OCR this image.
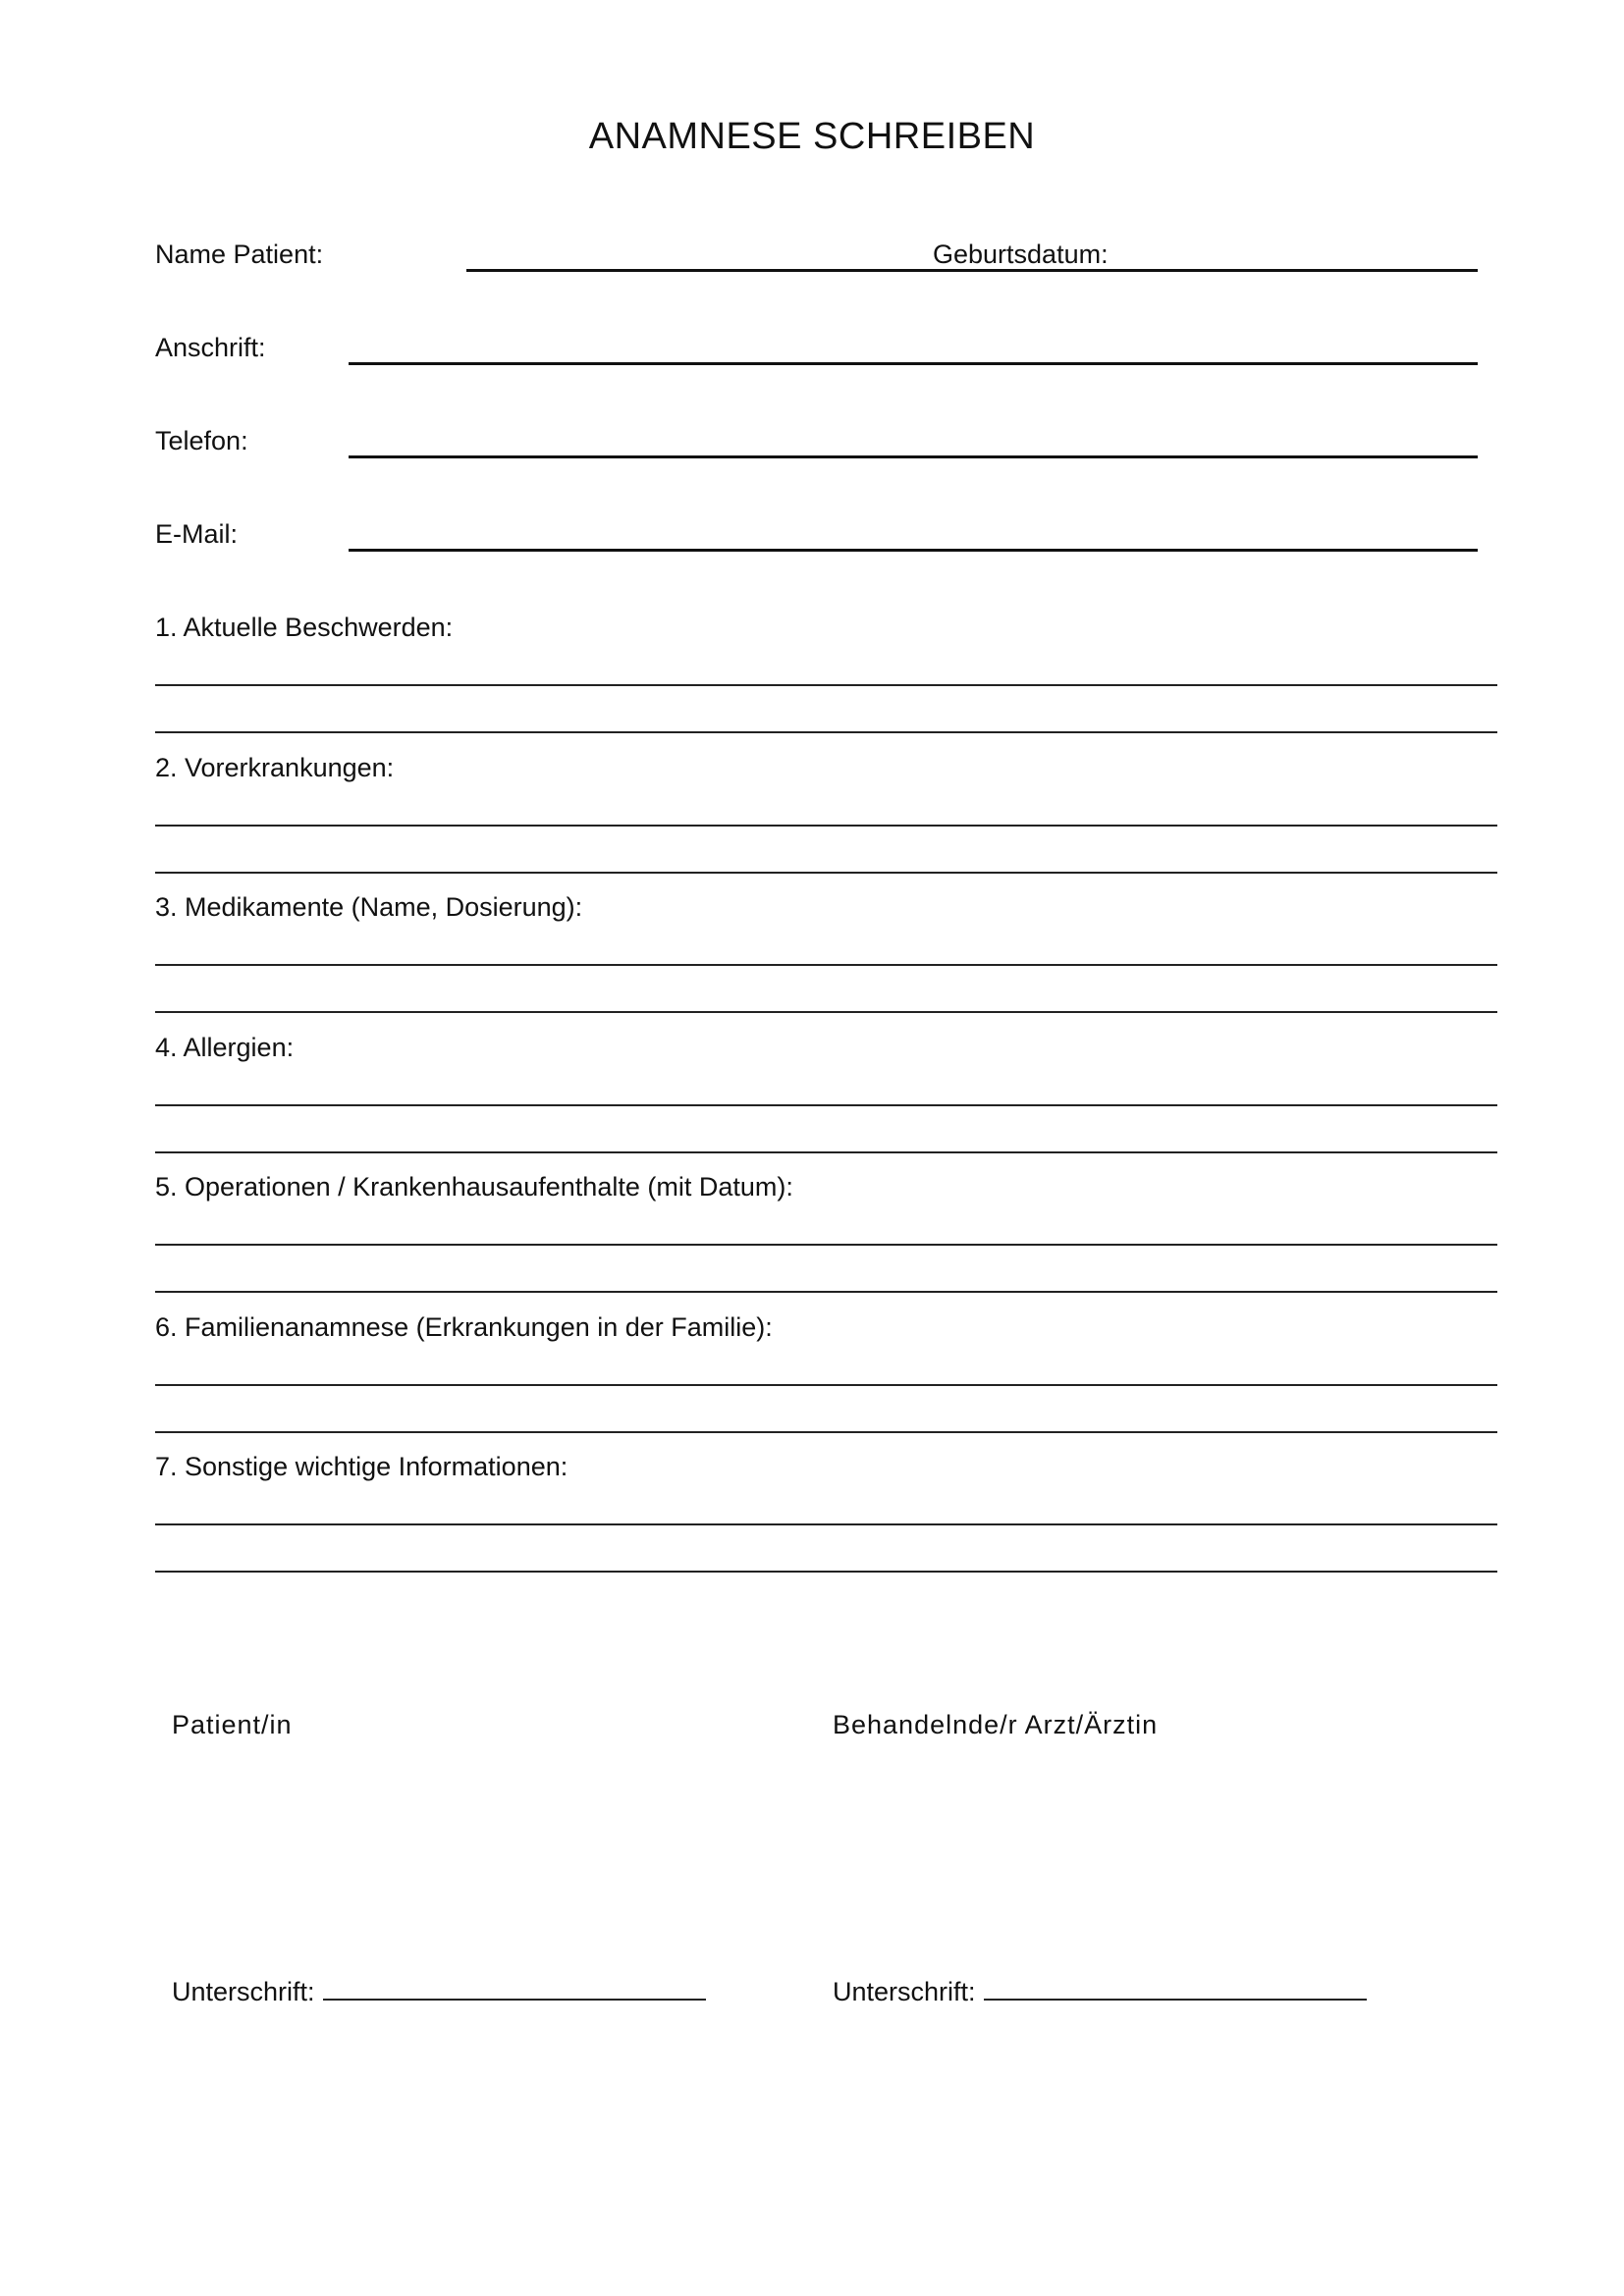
ANAMNESE SCHREIBEN
Name Patient:	Geburtsdatum:
Anschrift:
Telefon:
E-Mail:
1. Aktuelle Beschwerden:
2. Vorerkrankungen:
3. Medikamente (Name, Dosierung):
4. Allergien:
5. Operationen / Krankenhausaufenthalte (mit Datum):
6. Familienanamnese (Erkrankungen in der Familie):
7. Sonstige wichtige Informationen:
Patient/in	Behandelnde/r Arzt/Ärztin
Unterschrift:	Unterschrift:
